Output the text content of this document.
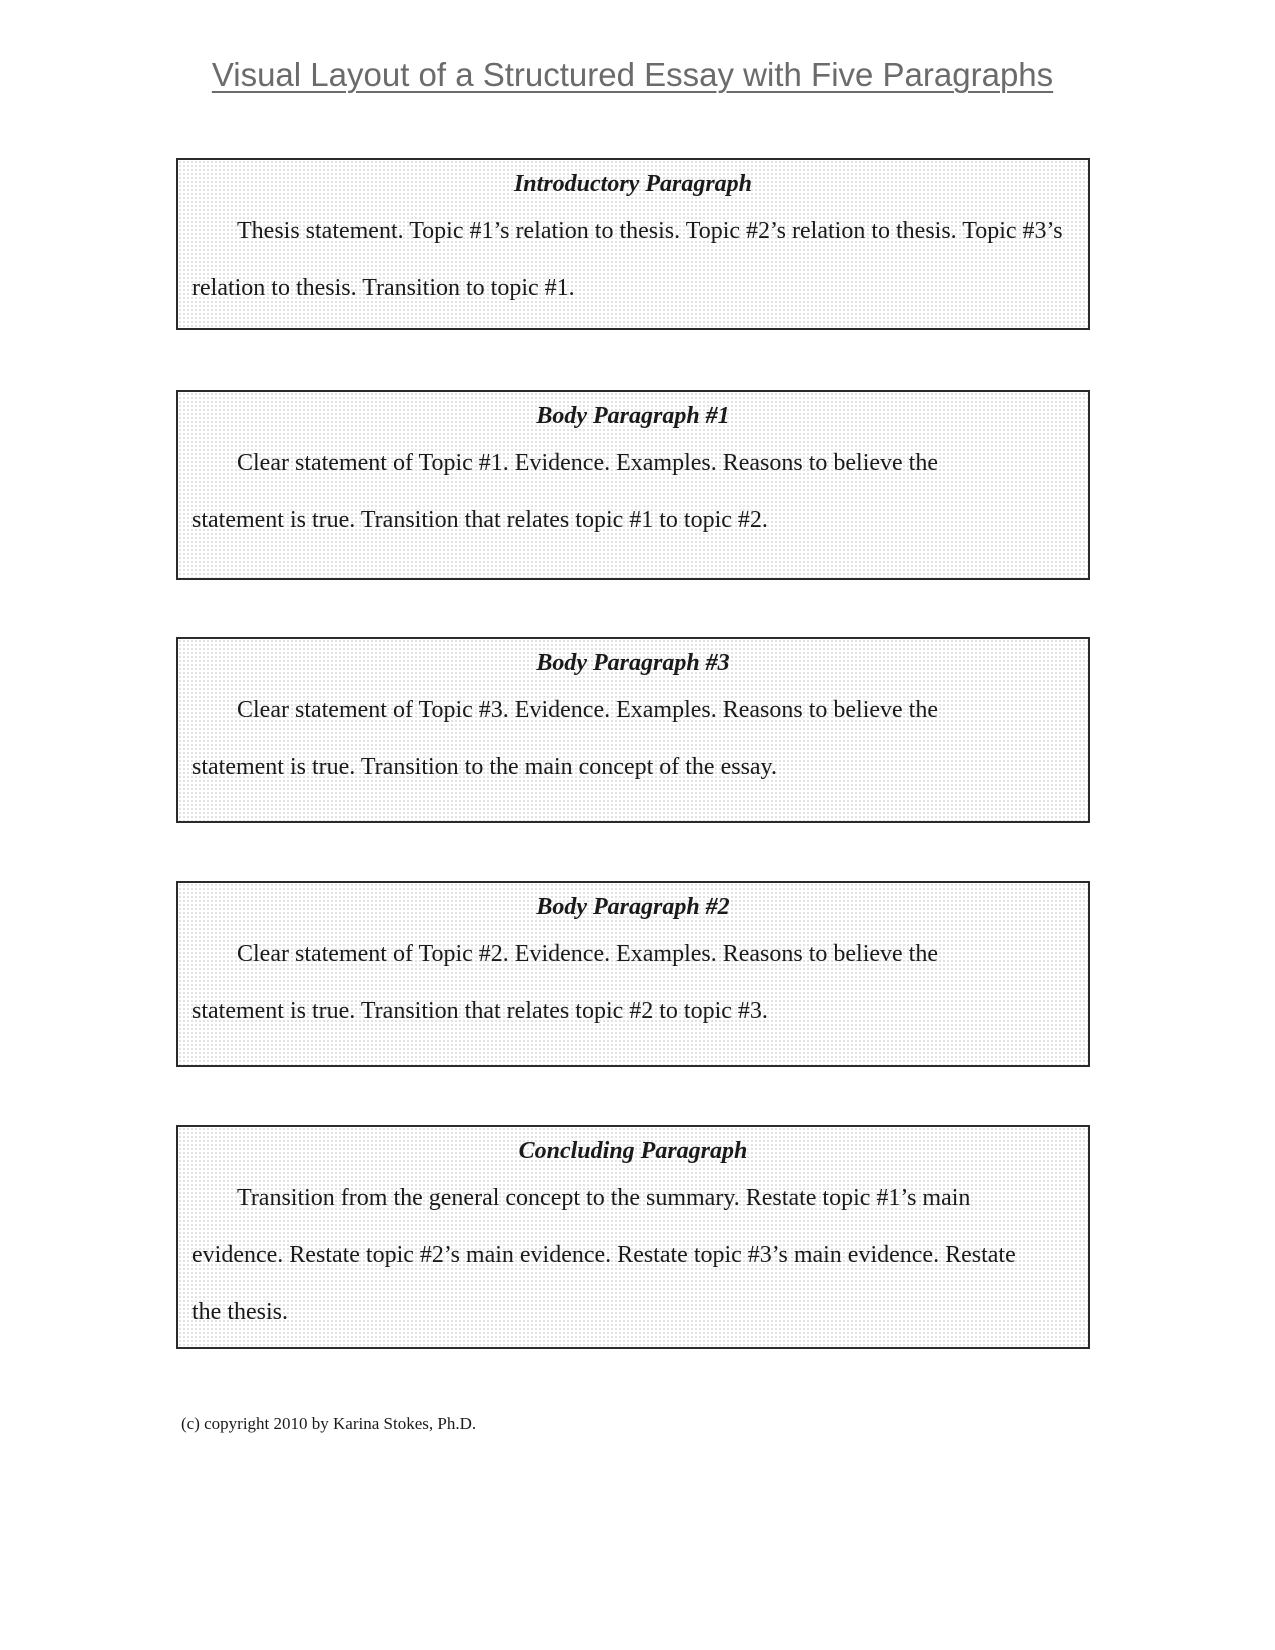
Visual Layout of a Structured Essay with Five Paragraphs

Introductory Paragraph

Thesis statement. Topic #1’s relation to thesis. Topic #2’s relation to thesis. Topic #3’s relation to thesis. Transition to topic #1.

Body Paragraph #1

Clear statement of Topic #1. Evidence. Examples. Reasons to believe the statement is true. Transition that relates topic #1 to topic #2.

Body Paragraph #3

Clear statement of Topic #3. Evidence. Examples. Reasons to believe the statement is true. Transition to the main concept of the essay.

Body Paragraph #2

Clear statement of Topic #2. Evidence. Examples. Reasons to believe the statement is true. Transition that relates topic #2 to topic #3.

Concluding Paragraph

Transition from the general concept to the summary. Restate topic #1’s main evidence. Restate topic #2’s main evidence. Restate topic #3’s main evidence. Restate the thesis.

(c) copyright 2010 by Karina Stokes, Ph.D.
